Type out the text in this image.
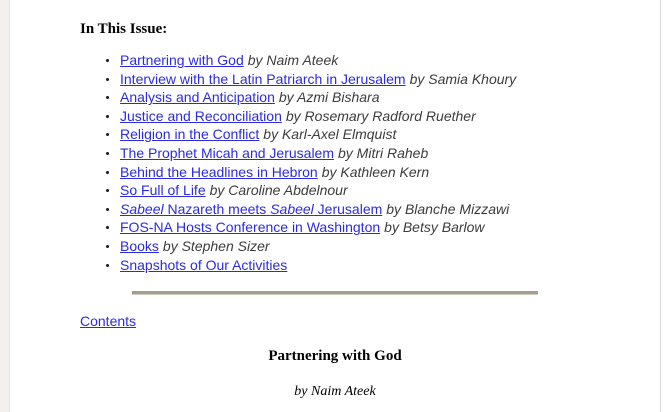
In This Issue:
Partnering with God by Naim Ateek
Interview with the Latin Patriarch in Jerusalem by Samia Khoury
Analysis and Anticipation by Azmi Bishara
Justice and Reconciliation by Rosemary Radford Ruether
Religion in the Conflict by Karl-Axel Elmquist
The Prophet Micah and Jerusalem by Mitri Raheb
Behind the Headlines in Hebron by Kathleen Kern
So Full of Life by Caroline Abdelnour
Sabeel Nazareth meets Sabeel Jerusalem by Blanche Mizzawi
FOS-NA Hosts Conference in Washington by Betsy Barlow
Books by Stephen Sizer
Snapshots of Our Activities
Contents
Partnering with God
by Naim Ateek
